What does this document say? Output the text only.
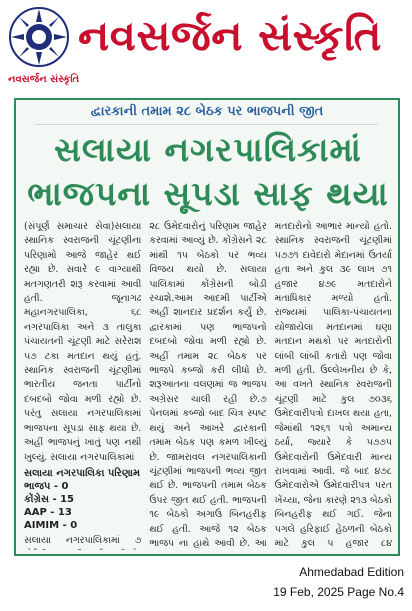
નવસર્જન સંસ્કૃતિ
નવસર્જન સંસ્કૃતિ
દ્વારકાની તમામ ૨૮ બેઠક પર ભાજપની જીત
સલાયા નગરપાલિકામાં
ભાજપના સૂપડા સાફ થયા

(સંપૂર્ણ સમાચાર સેવા)સલાયા સ્થાનિક સ્વરાજની ચૂંટણીના પરિણામો આજે જાહેર થઈ રહ્યા છે. સવારે ૯ વાગ્યાથી મતગણતરી શરૂ કરવામાં આવી હતી. જૂનાગઢ મહાનગરપાલિકા, ૬૮ નગરપાલિકા અને ૩ તાલુકા પંચાયતની ચૂંટણી માટે સરેરાશ ૫૭ ટકા મતદાન થયું હતું. સ્થાનિક સ્વરાજની ચૂંટણીમાં ભારતીય જનતા પાર્ટીનો દબદબો જોવા મળી રહ્યો છે. પરંતુ સલાયા નગરપાલિકામાં ભાજપના સૂપડા સાફ થયા છે. અહીં ભાજપનું ખાતું પણ નથી ખુલ્યું. સલાયા નગરપાલિકામાં

સલાયા નગરપાલિકા પરિણામ
ભાજપ - 0
કોંગ્રેસ - 15
AAP - 13
AIMIM - 0

સલાયા નગરપાલિકામાં ૭

૨૮ ઉમેદવારોનું પરિણામ જાહેર કરવામાં આવ્યું છે. કોંગ્રેસને ૨૮ માંથી ૧૫ બેઠકો પર ભવ્ય વિજય થયો છે. સલાયા પાલિકામાં કોંગ્રેસની બોડી રચાશે.આમ આદમી પાર્ટીએ અહીં શાનદાર પ્રદર્શન કર્યું છે. દ્વારકામાં પણ ભાજપનો દબદબો જોવા મળી રહ્યો છે. અહીં તમામ ૨૮ બેઠક પર ભાજપે કબ્જો કરી લીધો છે. શરૂઆતના વલણમાં જ ભાજપ અગ્રેસર ચાલી રહી છે.૭ પેનલમાં કબ્જો બાદ ચિત્ર સ્પષ્ટ થયું અને આખરે દ્વારકાની તમામ બેઠક પણ કમળ ખીલ્યું છે. જામરાવલ નગરપાલિકાની ચૂંટણીમાં ભાજપની ભવ્ય જીત થઈ છે. ભાજપની તમામ બેઠક ઉપર જીત થઈ હતી. ભાજપની ૧૯ બેઠકો અગાઉ બિનહરીફ થઈ હતી. આજે ૧૨ બેઠક ભાજપ ના હાથે આવી છે. આ

મતદારોનો આભાર માન્યો હતો. સ્થાનિક સ્વરાજની ચૂંટણીમાં ૫૭૭૧ દાવેદારો મેદાનમાં ઉતર્યા હતા અને કુલ ૩૯ લાખ ૭૧ હજાર ૪૭૯ મતદારોને મતાધિકાર મળ્યો હતો. રાજ્યમાં પાલિકા-પંચાયતના યોજાયેલા મતદાનમાં ઘણા મતદાન મથકો પર મતદારોની લાંબી લાંબી કતારો પણ જોવા મળી હતી. ઉલ્લેખનીય છે કે, આ વખતે સ્થાનિક સ્વરાજની ચૂંટણી માટે કુલ ૭૦૩૬ ઉમેદવારીપત્રો દાખલ થયા હતા, જેમાંથી ૧૨૬૧ પત્રો અમાન્ય ઠર્યા, જ્યારે કે ૫૭૭૫ ઉમેદવારોની ઉમેદવારી માન્ય રાખવામાં આવી. જે બાદ ૪૭૮ ઉમેદવારોએ ઉમેદવારીપત્ર પરત ખેંચ્યા, જેના કારણે ૨૧૩ બેઠકો બિનહરીફ થઈ ગઈ. જેના પગલે હરિફાઈ હેઠળની બેઠકો માટે કુલ ૫ હજાર ૮૪

Ahmedabad Edition
19 Feb, 2025 Page No.4
